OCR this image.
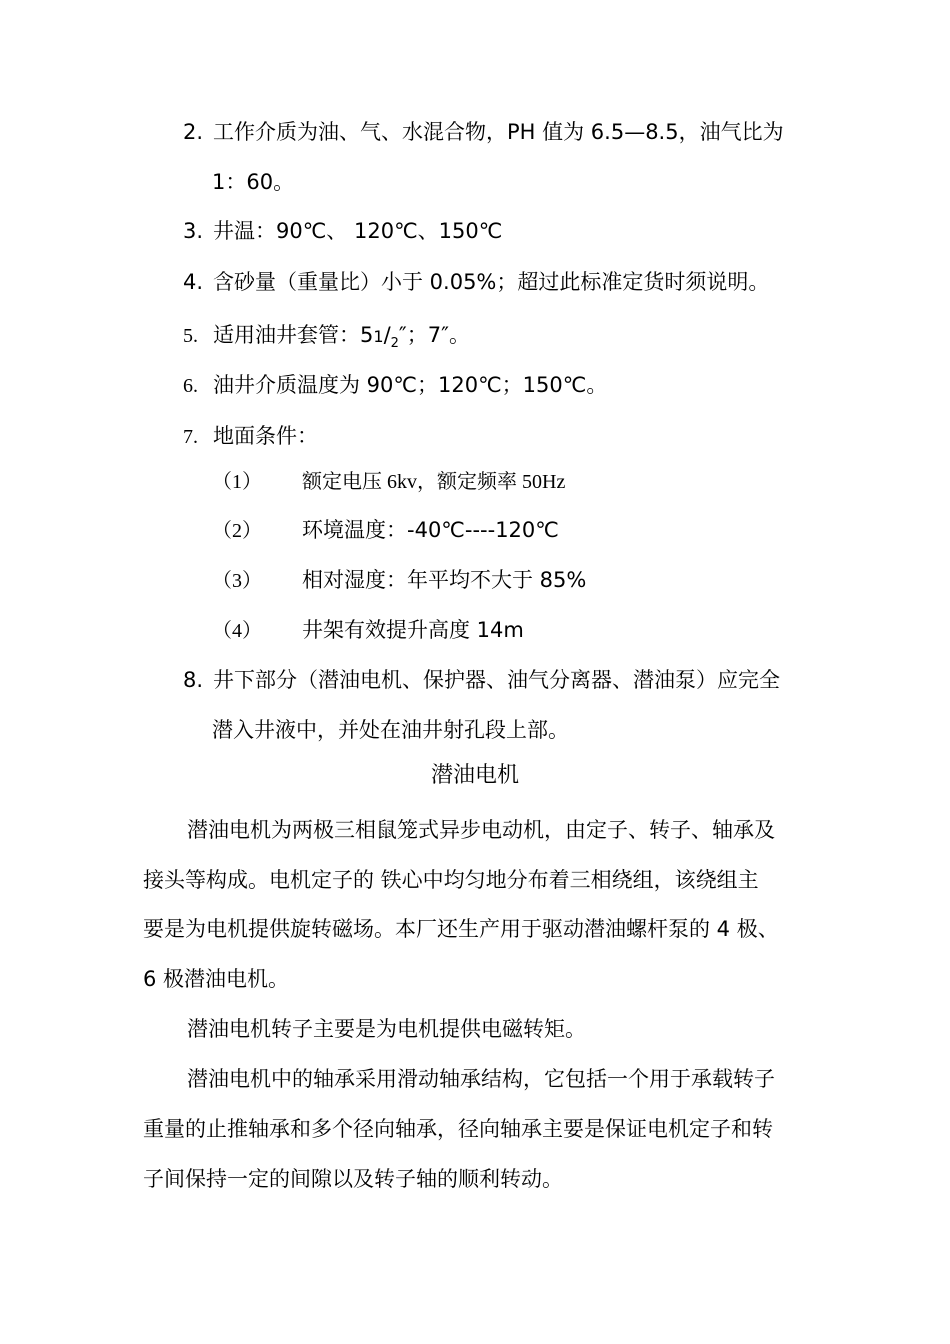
2. 工作介质为油、气、水混合物，PH 值为 6.5—8.5，油气比为
1：60。
3. 井温：90℃、 120℃、150℃
4. 含砂量（重量比）小于 0.05%；超过此标准定货时须说明。
5. 适用油井套管：$51/_2''$；7″。
6. 油井介质温度为 90℃；120℃；150℃。
7. 地面条件：
（1） 额定电压 6kv，额定频率 50Hz
（2） 环境温度：-40℃----120℃
（3） 相对湿度：年平均不大于 85%
（4） 井架有效提升高度 14m
8. 井下部分（潜油电机、保护器、油气分离器、潜油泵）应完全
潜入井液中，并处在油井射孔段上部。
潜油电机
潜油电机为两极三相鼠笼式异步电动机，由定子、转子、轴承及
接头等构成。电机定子的 铁心中均匀地分布着三相绕组，该绕组主
要是为电机提供旋转磁场。本厂还生产用于驱动潜油螺杆泵的 4 极、
6 极潜油电机。
潜油电机转子主要是为电机提供电磁转矩。
潜油电机中的轴承采用滑动轴承结构，它包括一个用于承载转子
重量的止推轴承和多个径向轴承，径向轴承主要是保证电机定子和转
子间保持一定的间隙以及转子轴的顺利转动。
